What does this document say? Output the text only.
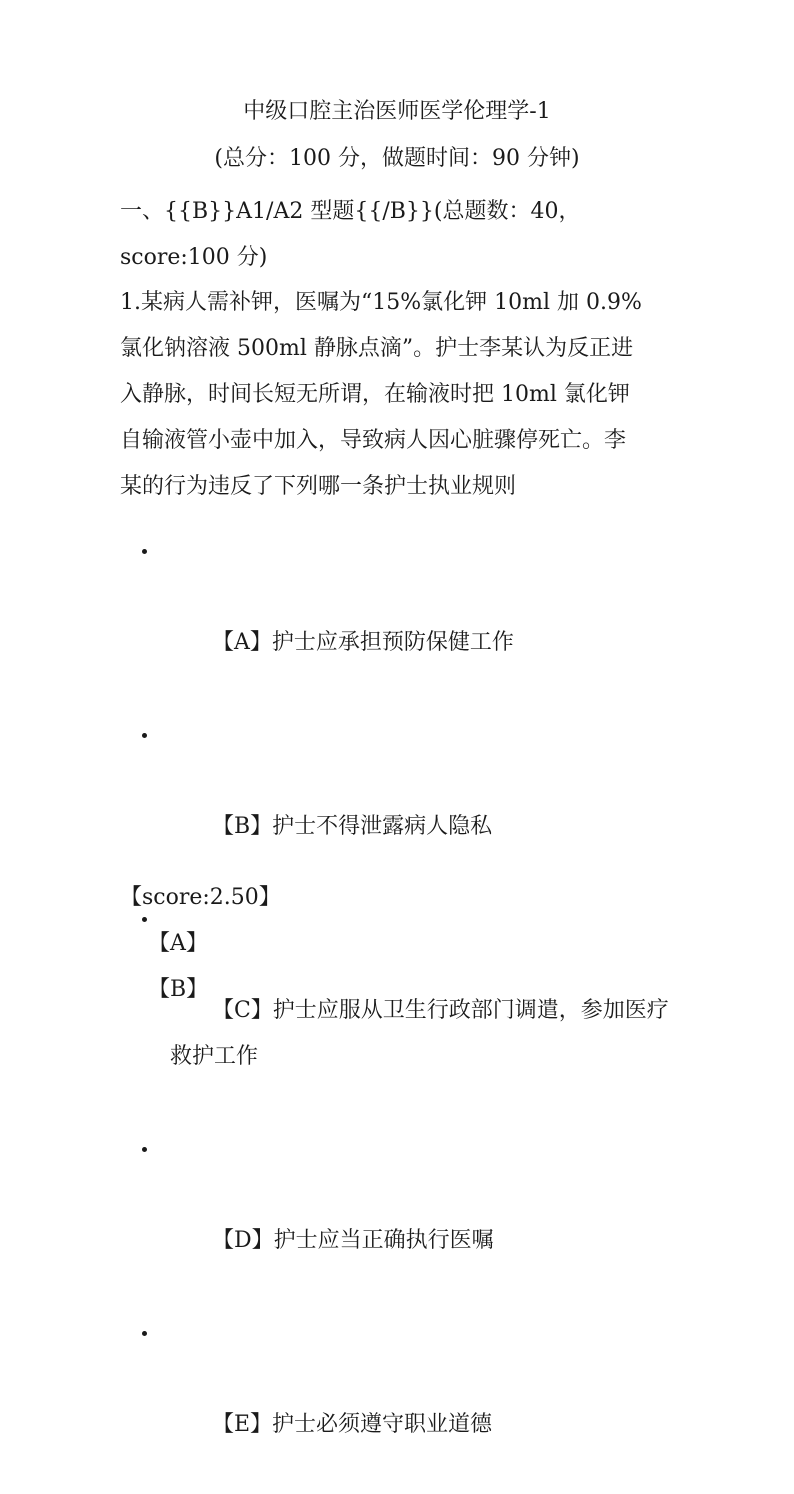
中级口腔主治医师医学伦理学-1
(总分：100 分，做题时间：90 分钟)
一、{{B}}A1/A2 型题{{/B}}(总题数：40，
score:100 分)
1.某病人需补钾，医嘱为“15%氯化钾 10ml 加 0.9%
氯化钠溶液 500ml 静脉点滴”。护士李某认为反正进
入静脉，时间长短无所谓，在输液时把 10ml 氯化钾
自输液管小壶中加入，导致病人因心脏骤停死亡。李
某的行为违反了下列哪一条护士执业规则

【A】护士应承担预防保健工作

【B】护士不得泄露病人隐私

【C】护士应服从卫生行政部门调遣，参加医疗
救护工作

【D】护士应当正确执行医嘱

【E】护士必须遵守职业道德

【score:2.50】
【A】
【B】
